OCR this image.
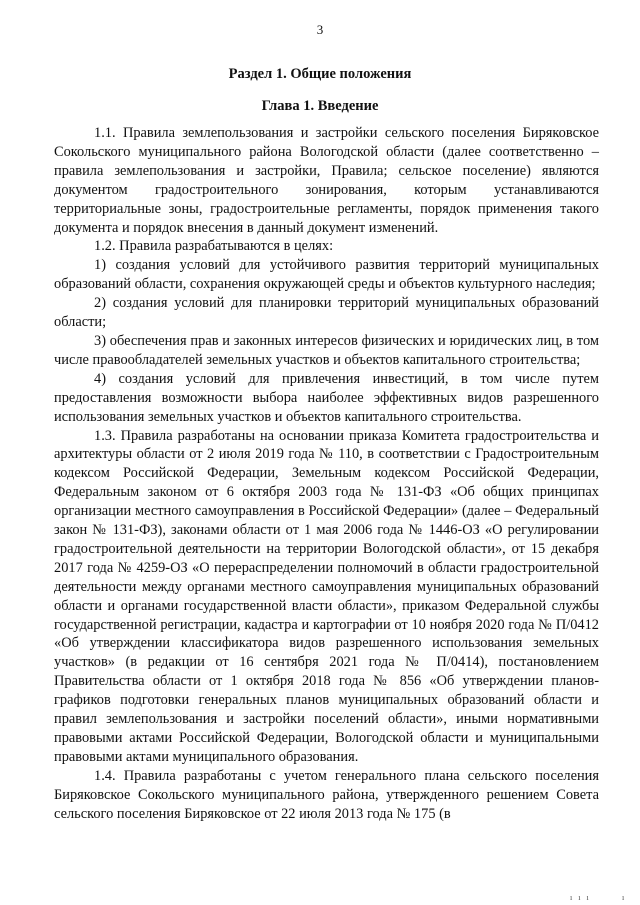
3
Раздел 1. Общие положения
Глава 1. Введение

1.1. Правила землепользования и застройки сельского поселения Биряковское Сокольского муниципального района Вологодской области (далее соответственно – правила землепользования и застройки, Правила; сельское поселение) являются документом градостроительного зонирования, которым устанавливаются территориальные зоны, градостроительные регламенты, порядок применения такого документа и порядок внесения в данный документ изменений.

1.2. Правила разрабатываются в целях:

1) создания условий для устойчивого развития территорий муниципальных образований области, сохранения окружающей среды и объектов культурного наследия;

2) создания условий для планировки территорий муниципальных образований области;

3) обеспечения прав и законных интересов физических и юридических лиц, в том числе правообладателей земельных участков и объектов капитального строительства;

4) создания условий для привлечения инвестиций, в том числе путем предоставления возможности выбора наиболее эффективных видов разрешенного использования земельных участков и объектов капитального строительства.

1.3. Правила разработаны на основании приказа Комитета градостроительства и архитектуры области от 2 июля 2019 года № 110, в соответствии с Градостроительным кодексом Российской Федерации, Земельным кодексом Российской Федерации, Федеральным законом от 6 октября 2003 года № 131-ФЗ «Об общих принципах организации местного самоуправления в Российской Федерации» (далее – Федеральный закон № 131-ФЗ), законами области от 1 мая 2006 года № 1446-ОЗ «О регулировании градостроительной деятельности на территории Вологодской области», от 15 декабря 2017 года № 4259-ОЗ «О перераспределении полномочий в области градостроительной деятельности между органами местного самоуправления муниципальных образований области и органами государственной власти области», приказом Федеральной службы государственной регистрации, кадастра и картографии от 10 ноября 2020 года № П/0412 «Об утверждении классификатора видов разрешенного использования земельных участков» (в редакции от 16 сентября 2021 года № П/0414), постановлением Правительства области от 1 октября 2018 года № 856 «Об утверждении планов-графиков подготовки генеральных планов муниципальных образований области и правил землепользования и застройки поселений области», иными нормативными правовыми актами Российской Федерации, Вологодской области и муниципальными правовыми актами муниципального образования.

1.4. Правила разработаны с учетом генерального плана сельского поселения Биряковское Сокольского муниципального района, утвержденного решением Совета сельского поселения Биряковское от 22 июля 2013 года № 175 (в

ı ı ı	ı
